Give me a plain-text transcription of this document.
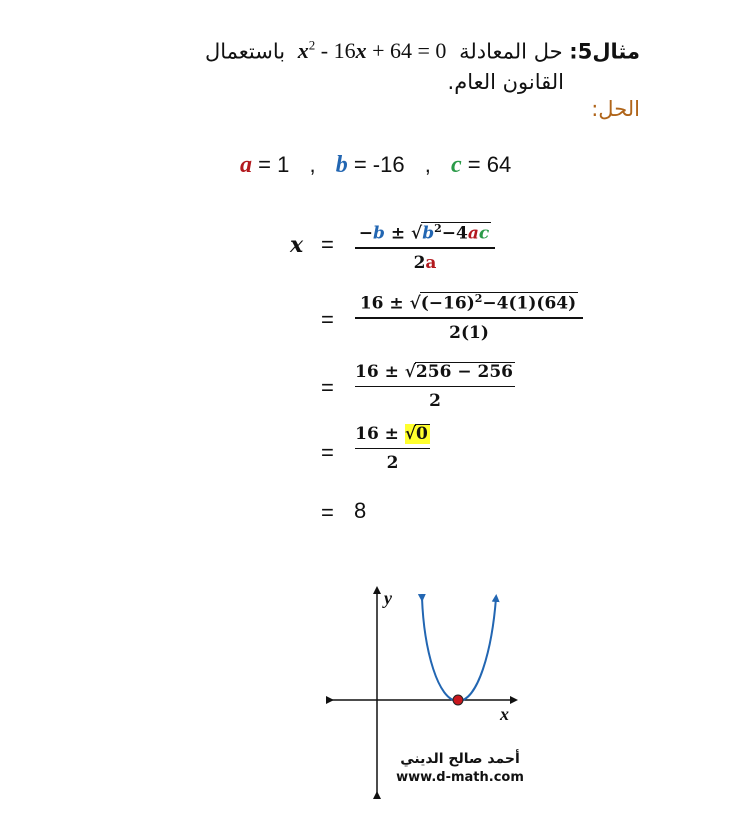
مثال5: حل المعادلة $x^2 - 16x + 64 = 0$ باستعمال
القانون العام.
الحل:
a = 1 , b = -16 , c = 64
$x = -b \pm √b^2-4ac$
2a
=
$16 \pm √(-16)^2-4(1)(64)$
2(1)
=
16 ± √256 − 256
2
=
16 ± √0
2
= 8
y
x
أحمد صالح الديني
www.d-math.com
